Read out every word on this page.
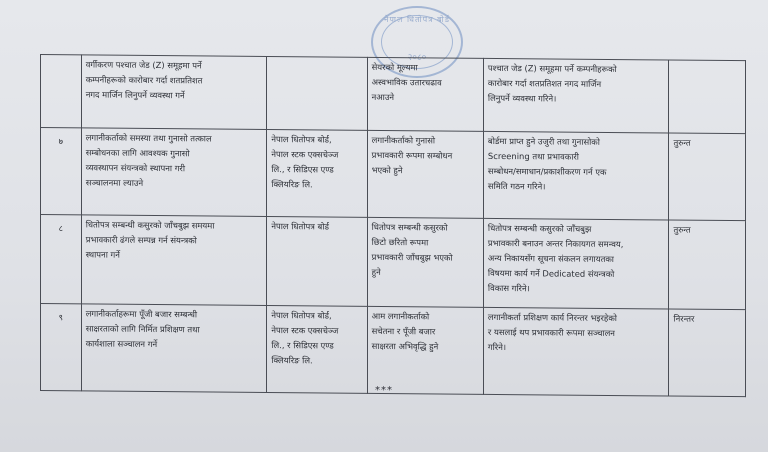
नेपाल धितोपत्र बोर्ड
२०८०
	वर्गीकरण पश्चात जेड (Z) समूहमा पर्ने
कम्पनीहरूको कारोबार गर्दा शतप्रतिशत
नगद मार्जिन लिनुपर्ने व्यवस्था गर्ने		सेयरको मूल्यमा
अस्वभाविक उतारचढाव
नआउने	पश्चात जेड (Z) समूहमा पर्ने कम्पनीहरूको
कारोबार गर्दा शतप्रतिशत नगद मार्जिन
लिनुपर्ने व्यवस्था गरिने।	
७	लगानीकर्ताको समस्या तथा गुनासो तत्काल
सम्बोधनका लागि आवश्यक गुनासो
व्यवस्थापन संयन्त्रको स्थापना गरी
सञ्चालनमा ल्याउने	नेपाल धितोपत्र बोर्ड,
नेपाल स्टक एक्सचेञ्ज
लि., र सिडिएस एण्ड
क्लियरिङ लि.	लगानीकर्ताको गुनासो
प्रभावकारी रूपमा सम्बोधन
भएको हुने	बोर्डमा प्राप्त हुने उजुरी तथा गुनासोको
Screening तथा प्रभावकारी
सम्बोधन/समाधान/प्रकाशीकरण गर्न एक
समिति गठन गरिने।	तुरुन्त
८	धितोपत्र सम्बन्धी कसुरको जाँचबुझ समयमा
प्रभावकारी ढंगले सम्पन्न गर्न संयन्त्रको
स्थापना गर्ने	नेपाल धितोपत्र बोर्ड	धितोपत्र सम्बन्धी कसुरको
छिटो छरितो रूपमा
प्रभावकारी जाँचबुझ भएको
हुने	धितोपत्र सम्बन्धी कसुरको जाँचबुझ
प्रभावकारी बनाउन अन्तर निकायगत समन्वय,
अन्य निकायसँग सूचना संकलन लगायतका
विषयमा कार्य गर्ने Dedicated संयन्त्रको
विकास गरिने।	तुरुन्त
९	लगानीकर्ताहरूमा पूँजी बजार सम्बन्धी
साक्षरताको लागि निर्मित प्रशिक्षण तथा
कार्यशाला सञ्चालन गर्ने	नेपाल धितोपत्र बोर्ड,
नेपाल स्टक एक्सचेञ्ज
लि., र सिडिएस एण्ड
क्लियरिङ लि.	आम लगानीकर्ताको
सचेतना र पूँजी बजार
साक्षरता अभिवृद्धि हुने	लगानीकर्ता प्रशिक्षण कार्य निरन्तर भइरहेको
र यसलाई थप प्रभावकारी रूपमा सञ्चालन
गरिने।	निरन्तर
***
